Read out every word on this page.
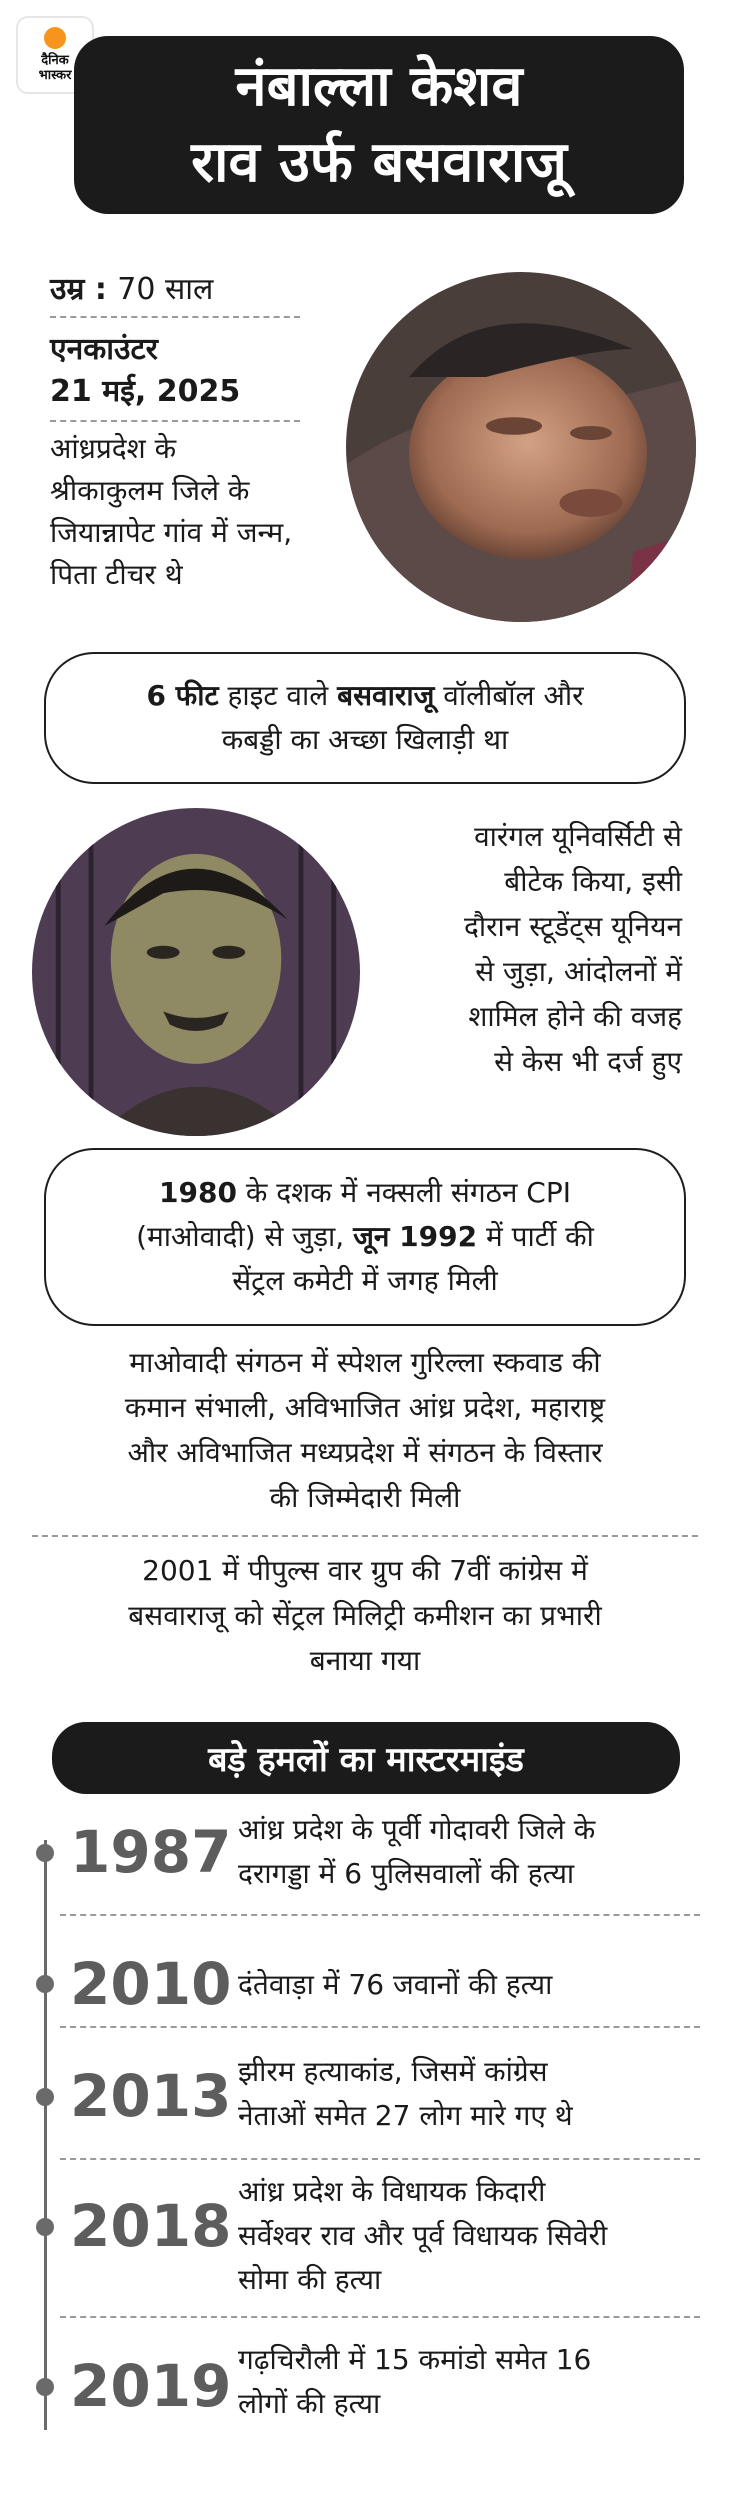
दैनिक
भास्कर	नंबाल्ला केशव
राव उर्फ बसवाराजू
उम्र : 70 साल
एनकाउंटर
21 मई, 2025
आंध्रप्रदेश के
श्रीकाकुलम जिले के
जियान्नापेट गांव में जन्म,
पिता टीचर थे
6 फीट हाइट वाले बसवाराजू वॉलीबॉल और
कबड्डी का अच्छा खिलाड़ी था
वारंगल यूनिवर्सिटी से
बीटेक किया, इसी
दौरान स्टूडेंट्स यूनियन
से जुड़ा, आंदोलनों में
शामिल होने की वजह
से केस भी दर्ज हुए
1980 के दशक में नक्सली संगठन CPI
(माओवादी) से जुड़ा, जून 1992 में पार्टी की
सेंट्रल कमेटी में जगह मिली
माओवादी संगठन में स्पेशल गुरिल्ला स्कवाड की
कमान संभाली, अविभाजित आंध्र प्रदेश, महाराष्ट्र
और अविभाजित मध्यप्रदेश में संगठन के विस्तार
की जिम्मेदारी मिली
2001 में पीपुल्स वार ग्रुप की 7वीं कांग्रेस में
बसवाराजू को सेंट्रल मिलिट्री कमीशन का प्रभारी
बनाया गया
बड़े हमलों का मास्टरमाइंड
1987 आंध्र प्रदेश के पूर्वी गोदावरी जिले के
दरागड्डा में 6 पुलिसवालों की हत्या
2010 दंतेवाड़ा में 76 जवानों की हत्या
2013 झीरम हत्याकांड, जिसमें कांग्रेस
नेताओं समेत 27 लोग मारे गए थे
2018
आंध्र प्रदेश के विधायक किदारी
सर्वेश्वर राव और पूर्व विधायक सिवेरी
सोमा की हत्या
2019 गढ़चिरौली में 15 कमांडो समेत 16
लोगों की हत्या
